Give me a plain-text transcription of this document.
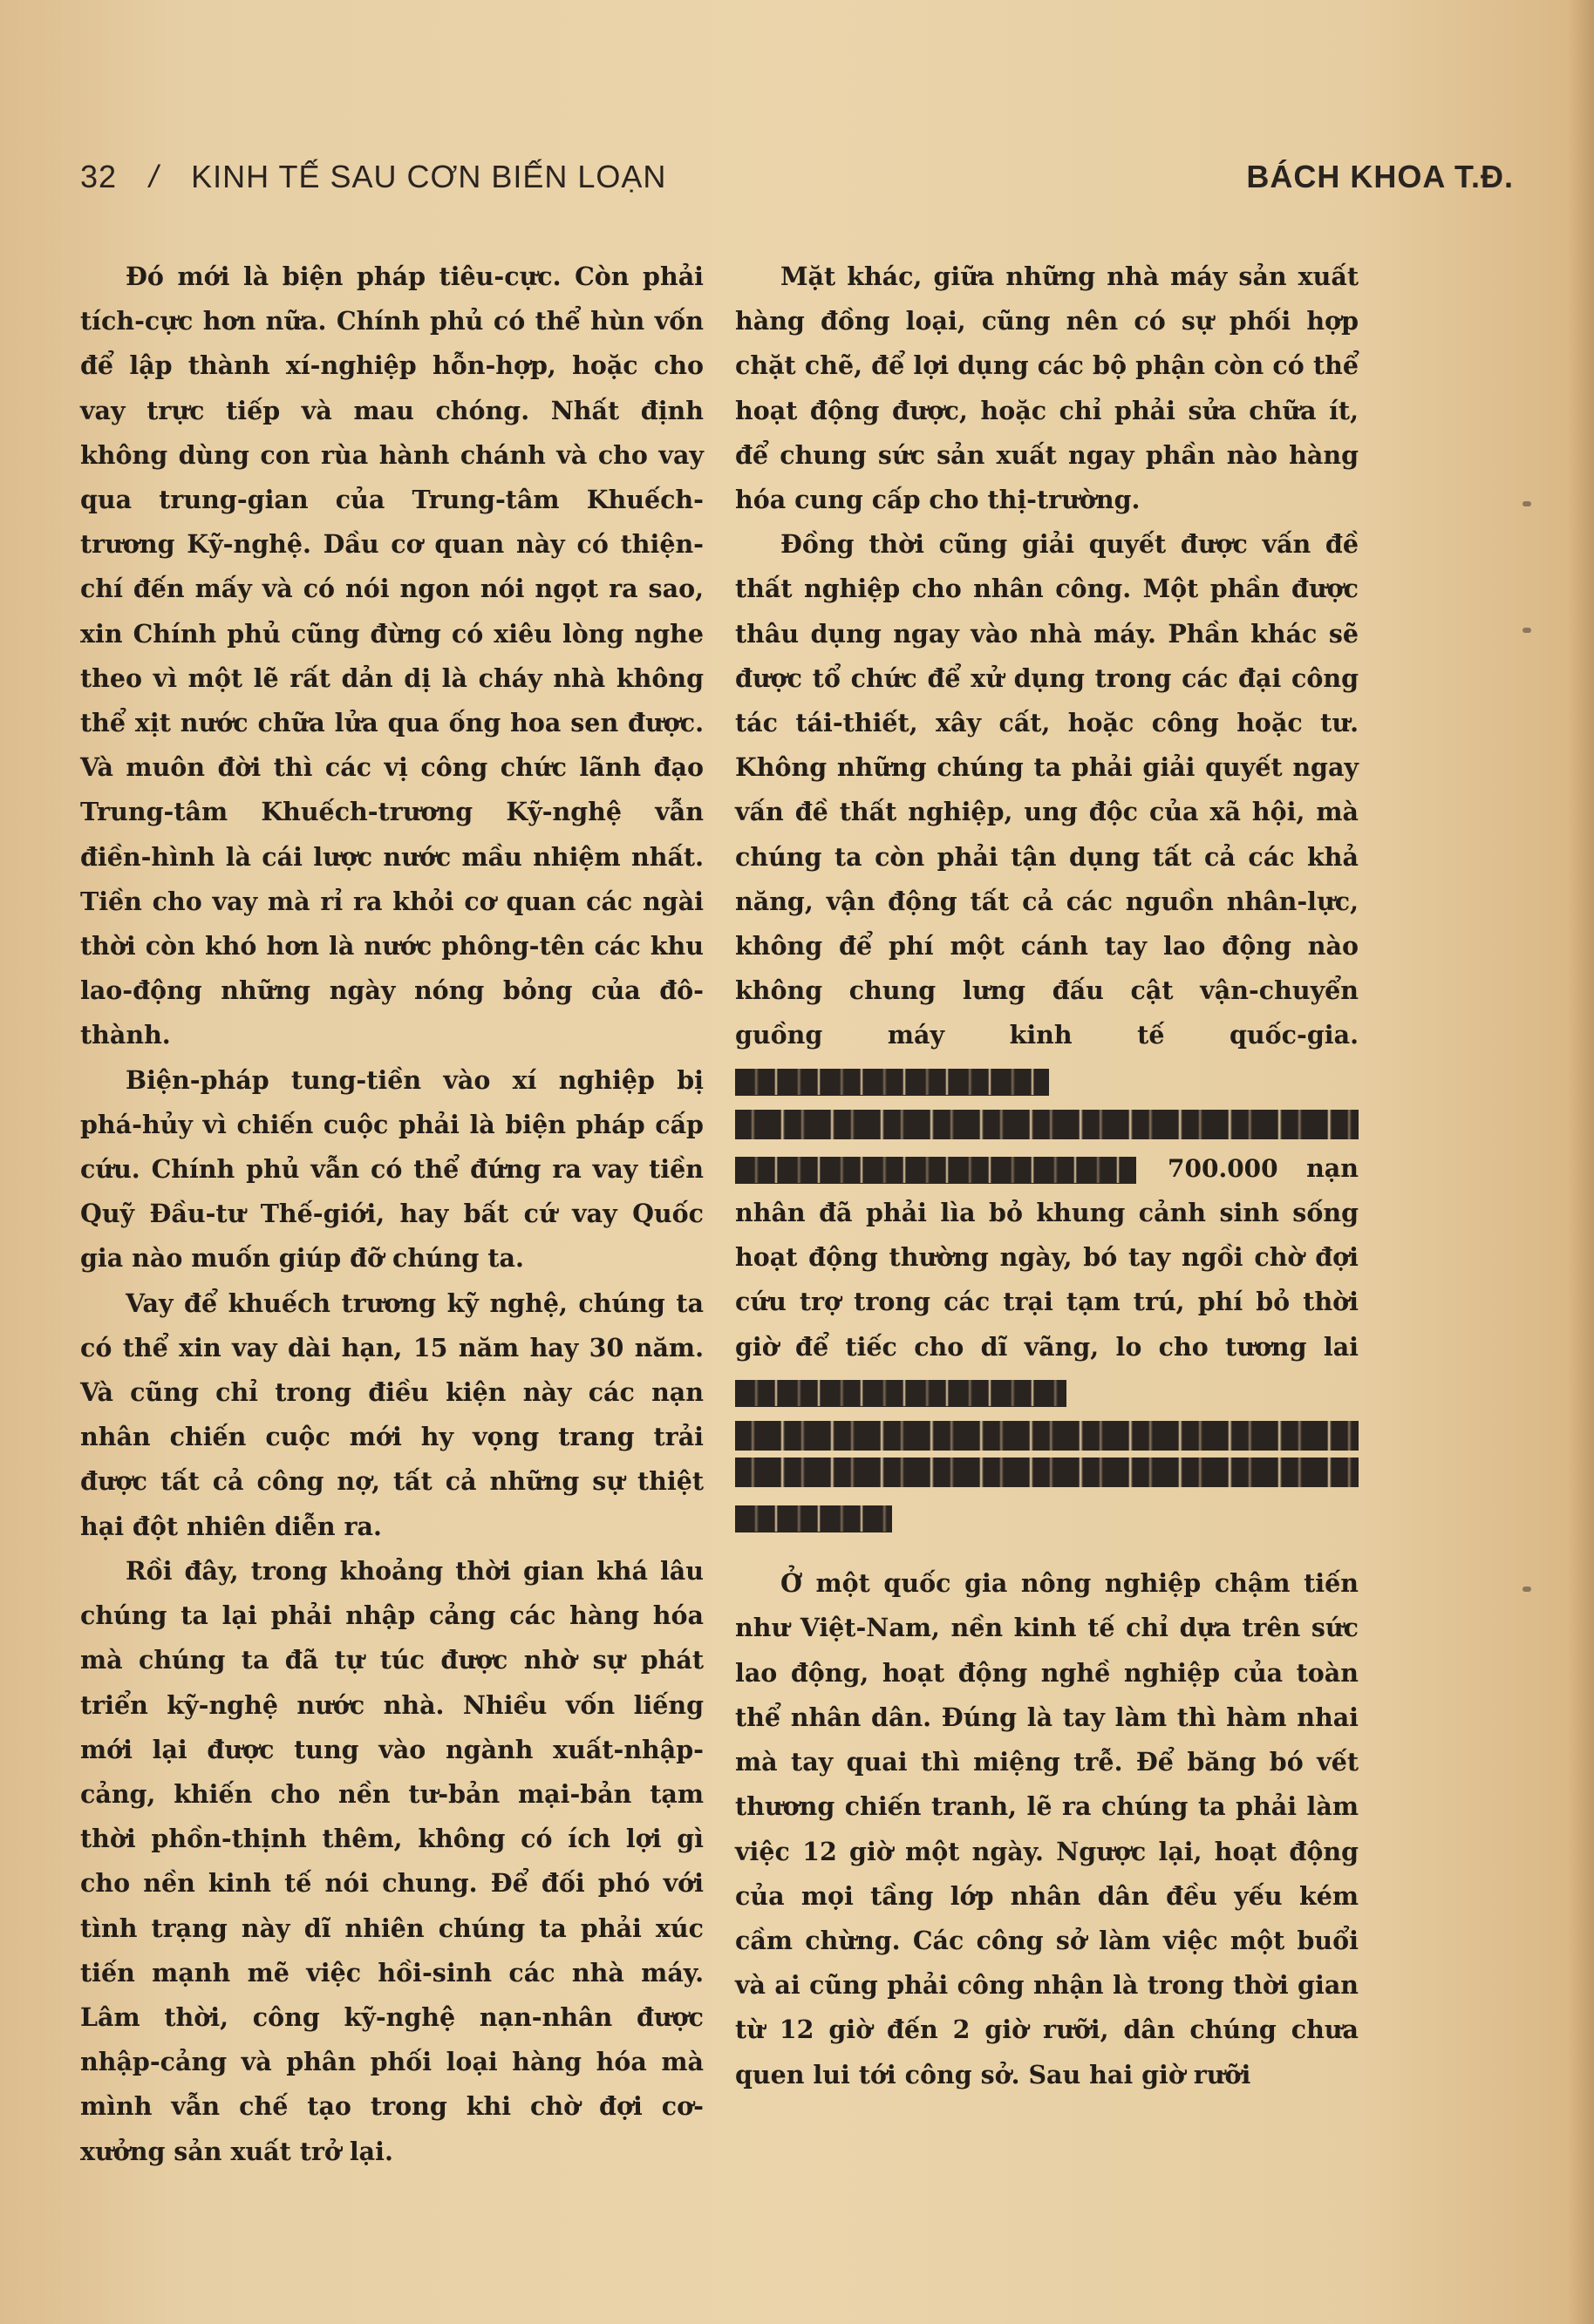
32 / KINH TẾ SAU CƠN BIẾN LOẠN	BÁCH KHOA T.Đ.

Đó mới là biện pháp tiêu-cực. Còn phải tích-cực hơn nữa. Chính phủ có thể hùn vốn để lập thành xí-nghiệp hỗn-hợp, hoặc cho vay trực tiếp và mau chóng. Nhất định không dùng con rùa hành chánh và cho vay qua trung-gian của Trung-tâm Khuếch-trương Kỹ-nghệ. Dầu cơ quan này có thiện-chí đến mấy và có nói ngon nói ngọt ra sao, xin Chính phủ cũng đừng có xiêu lòng nghe theo vì một lẽ rất dản dị là cháy nhà không thể xịt nước chữa lửa qua ống hoa sen được. Và muôn đời thì các vị công chức lãnh đạo Trung-tâm Khuếch-trương Kỹ-nghệ vẫn điền-hình là cái lược nước mầu nhiệm nhất. Tiền cho vay mà rỉ ra khỏi cơ quan các ngài thời còn khó hơn là nước phông-tên các khu lao-động những ngày nóng bỏng của đô-thành.

Biện-pháp tung-tiền vào xí nghiệp bị phá-hủy vì chiến cuộc phải là biện pháp cấp cứu. Chính phủ vẫn có thể đứng ra vay tiền Quỹ Đầu-tư Thế-giới, hay bất cứ vay Quốc gia nào muốn giúp đỡ chúng ta.

Vay để khuếch trương kỹ nghệ, chúng ta có thể xin vay dài hạn, 15 năm hay 30 năm. Và cũng chỉ trong điều kiện này các nạn nhân chiến cuộc mới hy vọng trang trải được tất cả công nợ, tất cả những sự thiệt hại đột nhiên diễn ra.

Rồi đây, trong khoảng thời gian khá lâu chúng ta lại phải nhập cảng các hàng hóa mà chúng ta đã tự túc được nhờ sự phát triển kỹ-nghệ nước nhà. Nhiều vốn liếng mới lại được tung vào ngành xuất-nhập-cảng, khiến cho nền tư-bản mại-bản tạm thời phồn-thịnh thêm, không có ích lợi gì cho nền kinh tế nói chung. Để đối phó với tình trạng này dĩ nhiên chúng ta phải xúc tiến mạnh mẽ việc hồi-sinh các nhà máy. Lâm thời, công kỹ-nghệ nạn-nhân được nhập-cảng và phân phối loại hàng hóa mà mình vẫn chế tạo trong khi chờ đợi cơ-xưởng sản xuất trở lại.

Mặt khác, giữa những nhà máy sản xuất hàng đồng loại, cũng nên có sự phối hợp chặt chẽ, để lợi dụng các bộ phận còn có thể hoạt động được, hoặc chỉ phải sửa chữa ít, để chung sức sản xuất ngay phần nào hàng hóa cung cấp cho thị-trường.

Đồng thời cũng giải quyết được vấn đề thất nghiệp cho nhân công. Một phần được thâu dụng ngay vào nhà máy. Phần khác sẽ được tổ chức để xử dụng trong các đại công tác tái-thiết, xây cất, hoặc công hoặc tư. Không những chúng ta phải giải quyết ngay vấn đề thất nghiệp, ung độc của xã hội, mà chúng ta còn phải tận dụng tất cả các khả năng, vận động tất cả các nguồn nhân-lực, không để phí một cánh tay lao động nào không chung lưng đấu cật vận-chuyển guồng máy kinh tế quốc-gia.
700.000 nạn nhân đã phải lìa bỏ khung cảnh sinh sống hoạt động thường ngày, bó tay ngồi chờ đợi cứu trợ trong các trại tạm trú, phí bỏ thời giờ để tiếc cho dĩ vãng, lo cho tương lai

Ở một quốc gia nông nghiệp chậm tiến như Việt-Nam, nền kinh tế chỉ dựa trên sức lao động, hoạt động nghề nghiệp của toàn thể nhân dân. Đúng là tay làm thì hàm nhai mà tay quai thì miệng trễ. Để băng bó vết thương chiến tranh, lẽ ra chúng ta phải làm việc 12 giờ một ngày. Ngược lại, hoạt động của mọi tầng lớp nhân dân đều yếu kém cầm chừng. Các công sở làm việc một buổi và ai cũng phải công nhận là trong thời gian từ 12 giờ đến 2 giờ rưỡi, dân chúng chưa quen lui tới công sở. Sau hai giờ rưỡi
